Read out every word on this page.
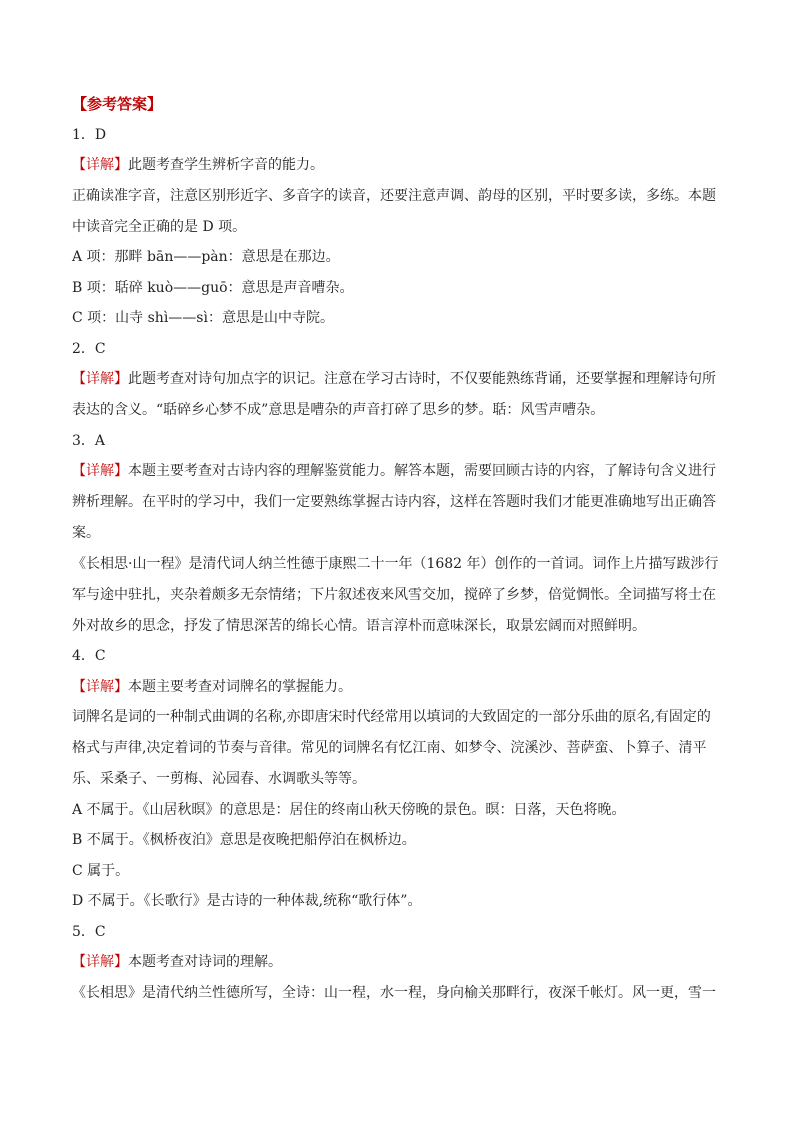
【参考答案】
1．D
【详解】此题考查学生辨析字音的能力。
正确读准字音，注意区别形近字、多音字的读音，还要注意声调、韵母的区别，平时要多读，多练。本题
中读音完全正确的是 D 项。
A 项：那畔 bān——pàn：意思是在那边。
B 项：聒碎 kuò——guō：意思是声音嘈杂。
C 项：山寺 shì——sì：意思是山中寺院。
2．C
【详解】此题考查对诗句加点字的识记。注意在学习古诗时，不仅要能熟练背诵，还要掌握和理解诗句所
表达的含义。“聒碎乡心梦不成”意思是嘈杂的声音打碎了思乡的梦。聒：风雪声嘈杂。
3．A
【详解】本题主要考查对古诗内容的理解鉴赏能力。解答本题，需要回顾古诗的内容，了解诗句含义进行
辨析理解。在平时的学习中，我们一定要熟练掌握古诗内容，这样在答题时我们才能更准确地写出正确答
案。
《长相思·山一程》是清代词人纳兰性德于康熙二十一年（1682 年）创作的一首词。词作上片描写跋涉行
军与途中驻扎，夹杂着颇多无奈情绪；下片叙述夜来风雪交加，搅碎了乡梦，倍觉惆怅。全词描写将士在
外对故乡的思念，抒发了情思深苦的绵长心情。语言淳朴而意味深长，取景宏阔而对照鲜明。
4．C
【详解】本题主要考查对词牌名的掌握能力。
词牌名是词的一种制式曲调的名称,亦即唐宋时代经常用以填词的大致固定的一部分乐曲的原名,有固定的
格式与声律,决定着词的节奏与音律。常见的词牌名有忆江南、如梦令、浣溪沙、菩萨蛮、卜算子、清平
乐、采桑子、一剪梅、沁园春、水调歌头等等。
A 不属于。《山居秋暝》的意思是：居住的终南山秋天傍晚的景色。暝：日落，天色将晚。
B 不属于。《枫桥夜泊》意思是夜晚把船停泊在枫桥边。
C 属于。
D 不属于。《长歌行》是古诗的一种体裁,统称“歌行体”。
5．C
【详解】本题考查对诗词的理解。
《长相思》是清代纳兰性德所写，全诗：山一程，水一程，身向榆关那畔行，夜深千帐灯。风一更，雪一
